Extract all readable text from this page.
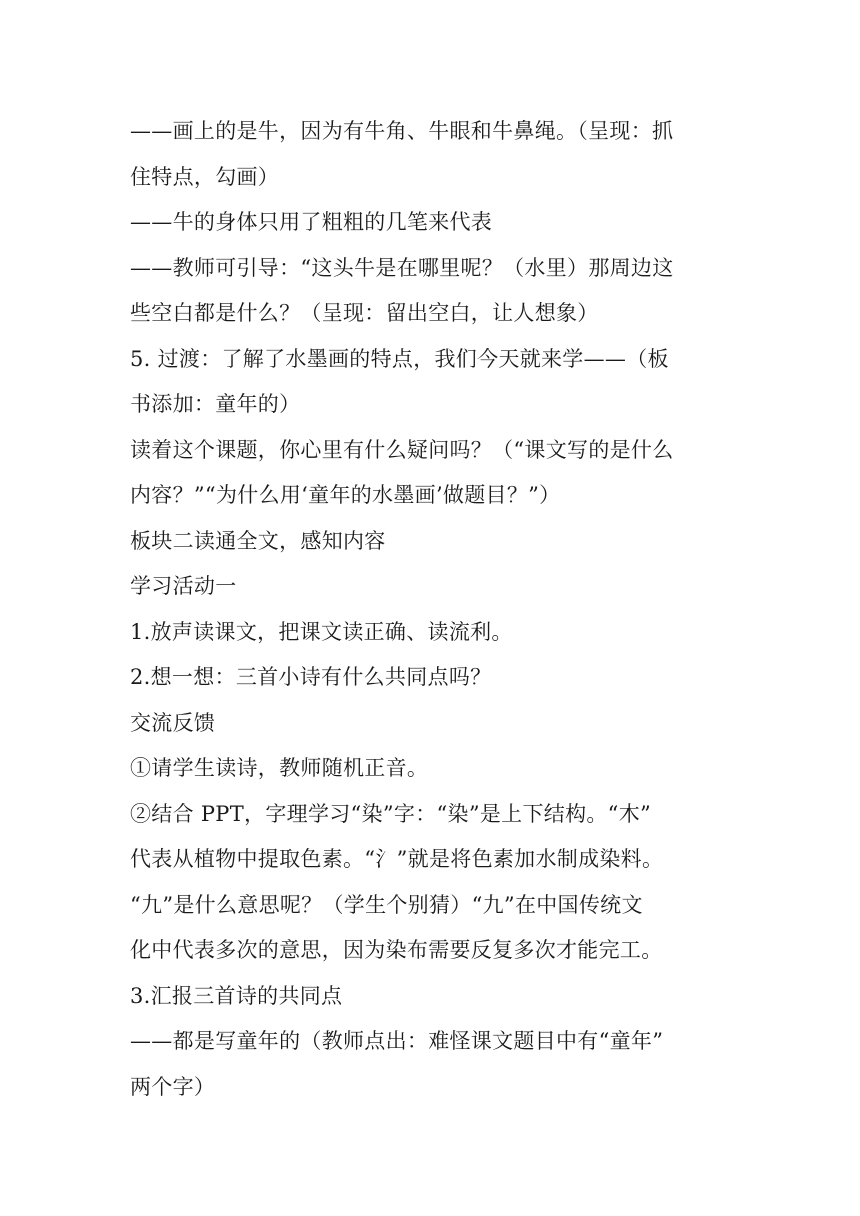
——画上的是牛，因为有牛角、牛眼和牛鼻绳。（呈现：抓
住特点，勾画）
——牛的身体只用了粗粗的几笔来代表
——教师可引导：“这头牛是在哪里呢？（水里）那周边这
些空白都是什么？（呈现：留出空白，让人想象）
5. 过渡：了解了水墨画的特点，我们今天就来学——（板
书添加：童年的）
读着这个课题，你心里有什么疑问吗？（“课文写的是什么
内容？”“为什么用‘童年的水墨画’做题目？”）
板块二读通全文，感知内容
学习活动一
1.放声读课文，把课文读正确、读流利。
2.想一想：三首小诗有什么共同点吗？
交流反馈
①请学生读诗，教师随机正音。
②结合 PPT，字理学习“染”字：“染”是上下结构。“木”
代表从植物中提取色素。“氵”就是将色素加水制成染料。
“九”是什么意思呢？（学生个别猜）“九”在中国传统文
化中代表多次的意思，因为染布需要反复多次才能完工。
3.汇报三首诗的共同点
——都是写童年的（教师点出：难怪课文题目中有“童年”
两个字）
